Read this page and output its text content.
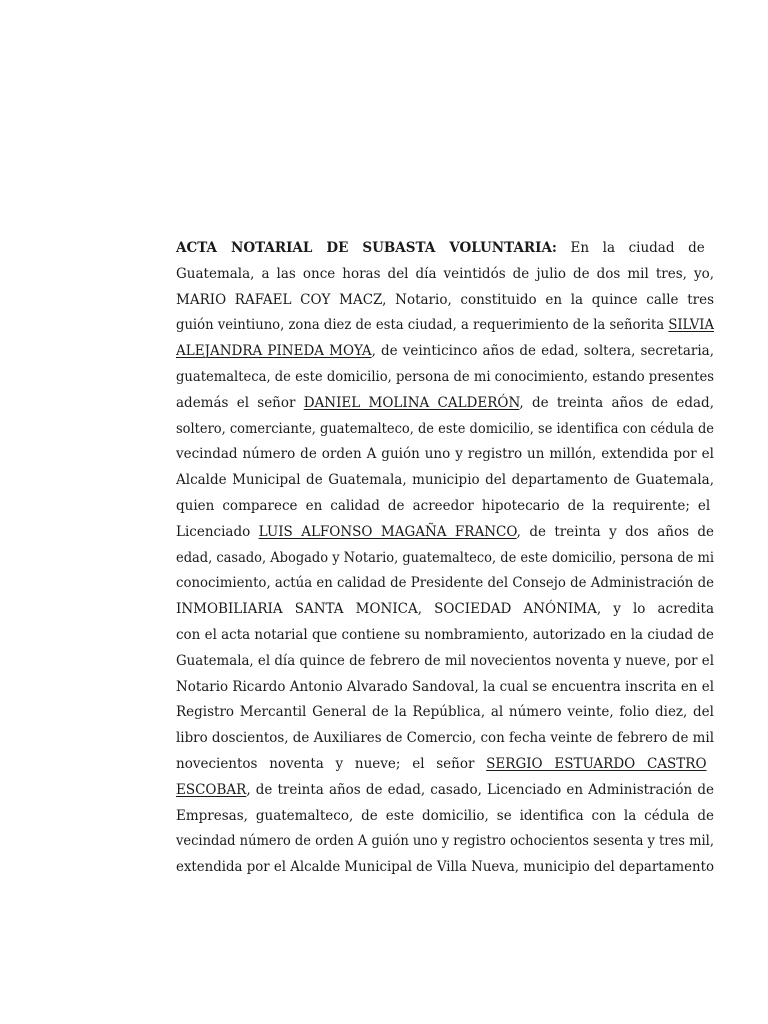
ACTA NOTARIAL DE SUBASTA VOLUNTARIA: En la ciudad de
Guatemala, a las once horas del día veintidós de julio de dos mil tres, yo,
MARIO RAFAEL COY MACZ, Notario, constituido en la quince calle tres
guión veintiuno, zona diez de esta ciudad, a requerimiento de la señorita SILVIA
ALEJANDRA PINEDA MOYA, de veinticinco años de edad, soltera, secretaria,
guatemalteca, de este domicilio, persona de mi conocimiento, estando presentes
además el señor DANIEL MOLINA CALDERÓN, de treinta años de edad,
soltero, comerciante, guatemalteco, de este domicilio, se identifica con cédula de
vecindad número de orden A guión uno y registro un millón, extendida por el
Alcalde Municipal de Guatemala, municipio del departamento de Guatemala,
quien comparece en calidad de acreedor hipotecario de la requirente; el
Licenciado LUIS ALFONSO MAGAÑA FRANCO, de treinta y dos años de
edad, casado, Abogado y Notario, guatemalteco, de este domicilio, persona de mi
conocimiento, actúa en calidad de Presidente del Consejo de Administración de
INMOBILIARIA SANTA MONICA, SOCIEDAD ANÓNIMA, y lo acredita
con el acta notarial que contiene su nombramiento, autorizado en la ciudad de
Guatemala, el día quince de febrero de mil novecientos noventa y nueve, por el
Notario Ricardo Antonio Alvarado Sandoval, la cual se encuentra inscrita en el
Registro Mercantil General de la República, al número veinte, folio diez, del
libro doscientos, de Auxiliares de Comercio, con fecha veinte de febrero de mil
novecientos noventa y nueve; el señor SERGIO ESTUARDO CASTRO
ESCOBAR, de treinta años de edad, casado, Licenciado en Administración de
Empresas, guatemalteco, de este domicilio, se identifica con la cédula de
vecindad número de orden A guión uno y registro ochocientos sesenta y tres mil,
extendida por el Alcalde Municipal de Villa Nueva, municipio del departamento
